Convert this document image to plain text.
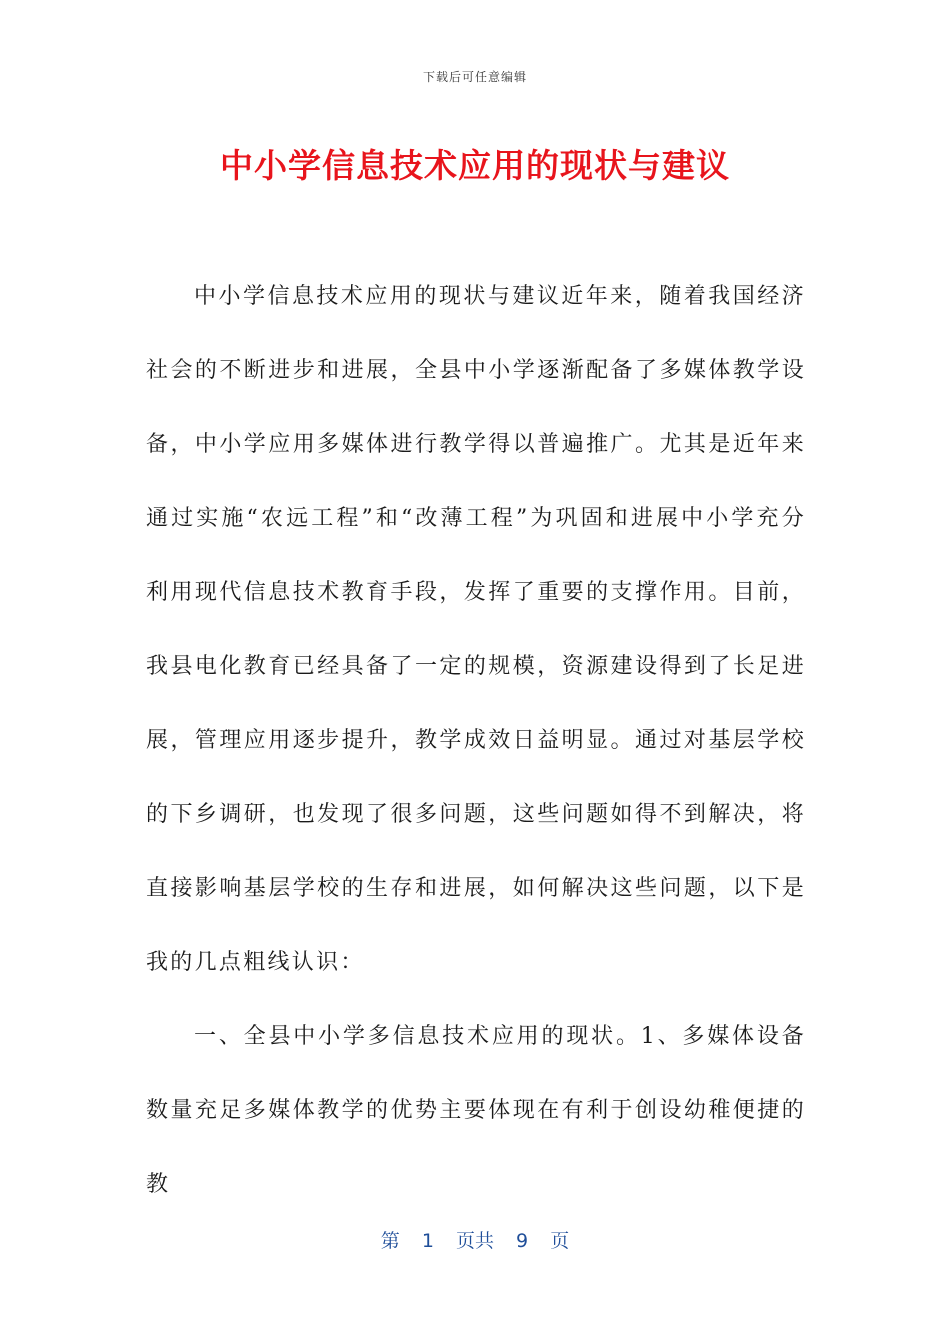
下载后可任意编辑
中小学信息技术应用的现状与建议

中小学信息技术应用的现状与建议近年来，随着我国经济社会的不断进步和进展，全县中小学逐渐配备了多媒体教学设备，中小学应用多媒体进行教学得以普遍推广。尤其是近年来通过实施“农远工程”和“改薄工程”为巩固和进展中小学充分利用现代信息技术教育手段，发挥了重要的支撑作用。目前，我县电化教育已经具备了一定的规模，资源建设得到了长足进展，管理应用逐步提升，教学成效日益明显。通过对基层学校的下乡调研，也发现了很多问题，这些问题如得不到解决，将直接影响基层学校的生存和进展，如何解决这些问题，以下是我的几点粗线认识：

一、全县中小学多信息技术应用的现状。1、多媒体设备数量充足多媒体教学的优势主要体现在有利于创设幼稚便捷的教

第 1 页共 9 页
